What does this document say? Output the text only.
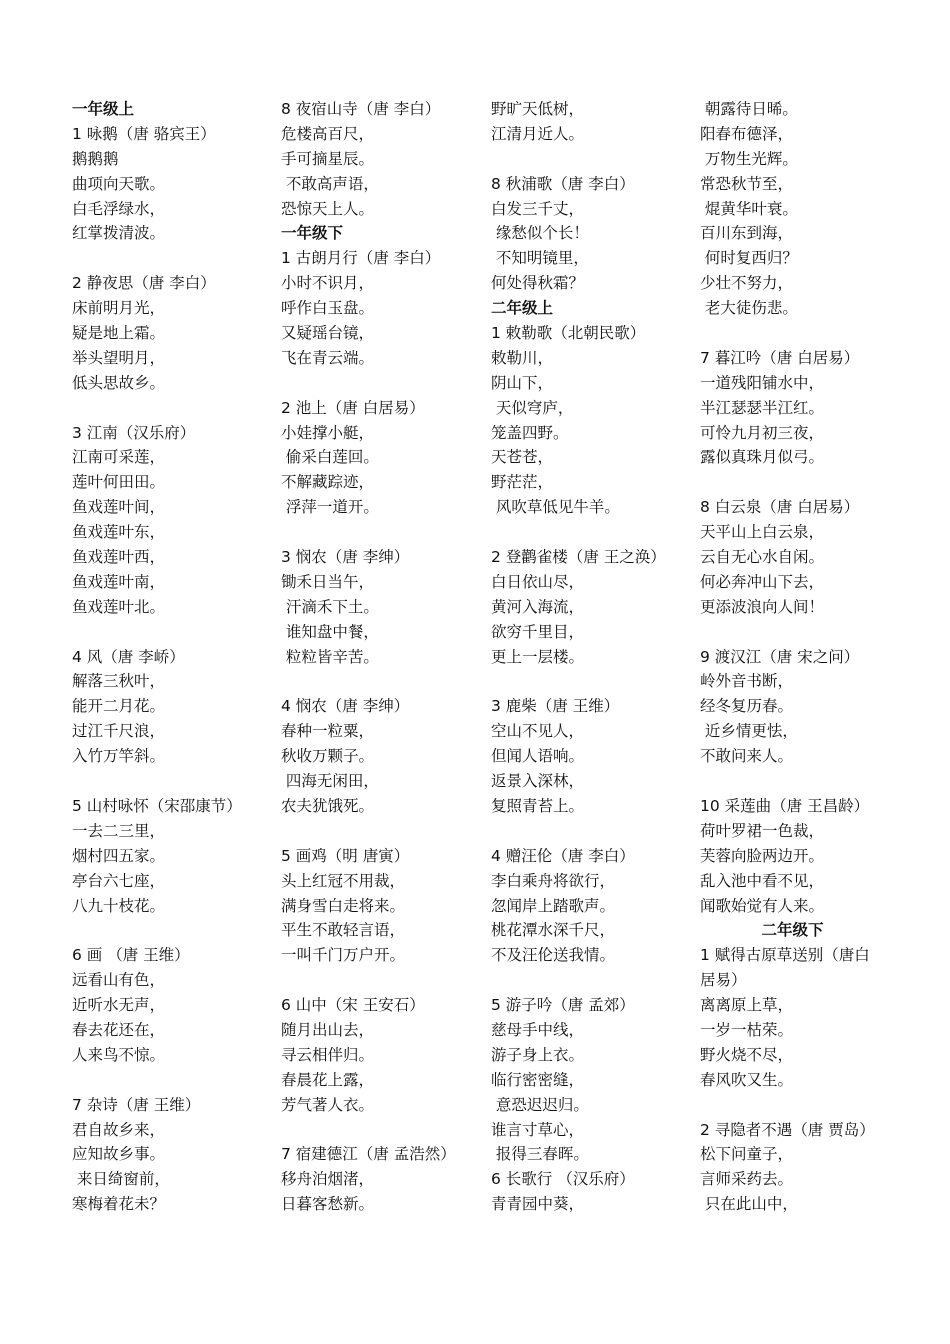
一年级上
1 咏鹅（唐 骆宾王）
鹅鹅鹅
曲项向天歌。
白毛浮绿水，
红掌拨清波。
2 静夜思（唐 李白）
床前明月光，
疑是地上霜。
举头望明月，
低头思故乡。
3 江南（汉乐府）
江南可采莲，
莲叶何田田。
鱼戏莲叶间，
鱼戏莲叶东，
鱼戏莲叶西，
鱼戏莲叶南，
鱼戏莲叶北。
4 风（唐 李峤）
解落三秋叶，
能开二月花。
过江千尺浪，
入竹万竿斜。
5 山村咏怀（宋邵康节）
一去二三里，
烟村四五家。
亭台六七座，
八九十枝花。
6 画 （唐 王维）
远看山有色，
近听水无声，
春去花还在，
人来鸟不惊。
7 杂诗（唐 王维）
君自故乡来，
应知故乡事。
来日绮窗前，
寒梅着花未？
8 夜宿山寺（唐 李白）
危楼高百尺，
手可摘星辰。
不敢高声语，
恐惊天上人。
一年级下
1 古朗月行（唐 李白）
小时不识月，
呼作白玉盘。
又疑瑶台镜，
飞在青云端。
2 池上（唐 白居易）
小娃撑小艇，
偷采白莲回。
不解藏踪迹，
浮萍一道开。
3 悯农（唐 李绅）
锄禾日当午，
汗滴禾下土。
谁知盘中餐，
粒粒皆辛苦。
4 悯农（唐 李绅）
春种一粒粟，
秋收万颗子。
四海无闲田，
农夫犹饿死。
5 画鸡（明 唐寅）
头上红冠不用裁，
满身雪白走将来。
平生不敢轻言语，
一叫千门万户开。
6 山中（宋 王安石）
随月出山去，
寻云相伴归。
春晨花上露，
芳气著人衣。
7 宿建德江（唐 孟浩然）
移舟泊烟渚，
日暮客愁新。
野旷天低树，
江清月近人。
8 秋浦歌（唐 李白）
白发三千丈，
缘愁似个长！
不知明镜里，
何处得秋霜？
二年级上
1 敕勒歌（北朝民歌）
敕勒川，
阴山下，
天似穹庐，
笼盖四野。
天苍苍，
野茫茫，
风吹草低见牛羊。
2 登鹳雀楼（唐 王之涣）
白日依山尽，
黄河入海流，
欲穷千里目，
更上一层楼。
3 鹿柴（唐 王维）
空山不见人，
但闻人语响。
返景入深林，
复照青苔上。
4 赠汪伦（唐 李白）
李白乘舟将欲行，
忽闻岸上踏歌声。
桃花潭水深千尺，
不及汪伦送我情。
5 游子吟（唐 孟郊）
慈母手中线，
游子身上衣。
临行密密缝，
意恐迟迟归。
谁言寸草心，
报得三春晖。
6 长歌行 （汉乐府）
青青园中葵，
朝露待日晞。
阳春布德泽，
万物生光辉。
常恐秋节至，
焜黄华叶衰。
百川东到海，
何时复西归？
少壮不努力，
老大徒伤悲。
7 暮江吟（唐 白居易）
一道残阳铺水中，
半江瑟瑟半江红。
可怜九月初三夜，
露似真珠月似弓。
8 白云泉（唐 白居易）
天平山上白云泉，
云自无心水自闲。
何必奔冲山下去，
更添波浪向人间！
9 渡汉江（唐 宋之问）
岭外音书断，
经冬复历春。
近乡情更怯，
不敢问来人。
10 采莲曲（唐 王昌龄）
荷叶罗裙一色裁，
芙蓉向脸两边开。
乱入池中看不见，
闻歌始觉有人来。
二年级下
1 赋得古原草送别（唐白
居易）
离离原上草，
一岁一枯荣。
野火烧不尽，
春风吹又生。
2 寻隐者不遇（唐 贾岛）
松下问童子，
言师采药去。
只在此山中，
